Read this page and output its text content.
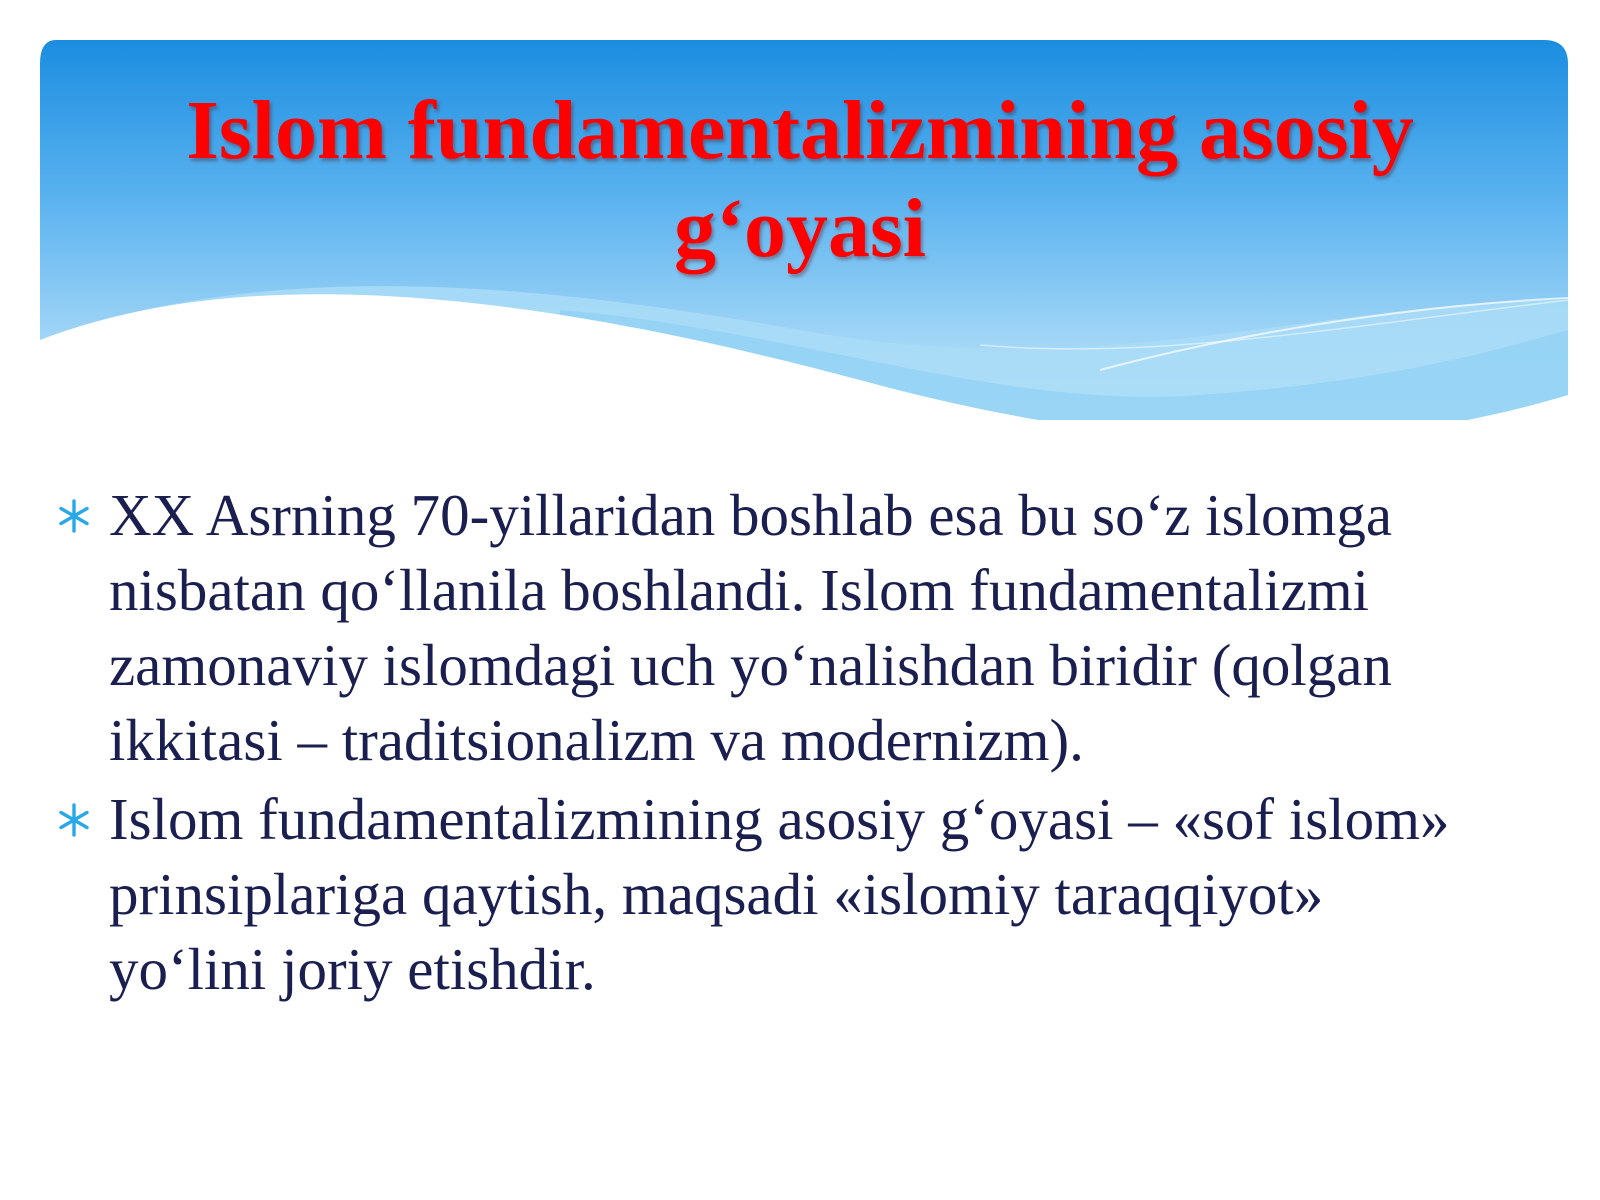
Islom fundamentalizmining asosiy g‘oyasi
XX Asrning 70-yillaridan boshlab esa bu so‘z islomga nisbatan qo‘llanila boshlandi. Islom fundamentalizmi zamonaviy islomdagi uch yo‘nalishdan biridir (qolgan ikkitasi – traditsionalizm va modernizm).
Islom fundamentalizmining asosiy g‘oyasi – «sof islom» prinsiplariga qaytish, maqsadi «islomiy taraqqiyot» yo‘lini joriy etishdir.
